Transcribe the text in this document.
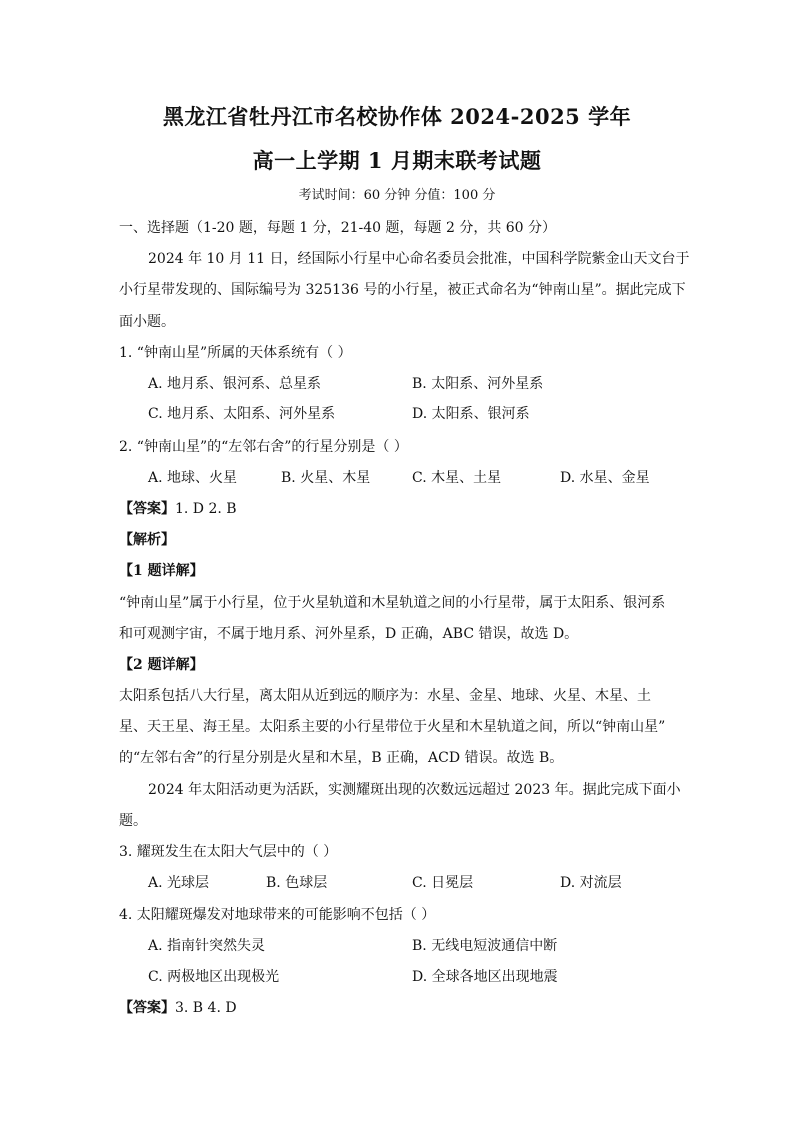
黑龙江省牡丹江市名校协作体 2024-2025 学年
高一上学期 1 月期末联考试题
考试时间：60 分钟 分值：100 分
一、选择题（1-20 题，每题 1 分，21-40 题，每题 2 分，共 60 分）
2024 年 10 月 11 日，经国际小行星中心命名委员会批准，中国科学院紫金山天文台于
小行星带发现的、国际编号为 325136 号的小行星，被正式命名为“钟南山星”。据此完成下
面小题。
1. “钟南山星”所属的天体系统有（ ）
A. 地月系、银河系、总星系	B. 太阳系、河外星系
C. 地月系、太阳系、河外星系	D. 太阳系、银河系
2. “钟南山星”的“左邻右舍”的行星分别是（ ）
A. 地球、火星	B. 火星、木星	C. 木星、土星	D. 水星、金星
【答案】1. D 2. B
【解析】
【1 题详解】
“钟南山星”属于小行星，位于火星轨道和木星轨道之间的小行星带，属于太阳系、银河系
和可观测宇宙，不属于地月系、河外星系，D 正确，ABC 错误，故选 D。
【2 题详解】
太阳系包括八大行星，离太阳从近到远的顺序为：水星、金星、地球、火星、木星、土
星、天王星、海王星。太阳系主要的小行星带位于火星和木星轨道之间，所以“钟南山星”
的“左邻右舍”的行星分别是火星和木星，B 正确，ACD 错误。故选 B。
2024 年太阳活动更为活跃，实测耀斑出现的次数远远超过 2023 年。据此完成下面小
题。
3. 耀斑发生在太阳大气层中的（ ）
A. 光球层	B. 色球层	C. 日冕层	D. 对流层
4. 太阳耀斑爆发对地球带来的可能影响不包括（ ）
A. 指南针突然失灵	B. 无线电短波通信中断
C. 两极地区出现极光	D. 全球各地区出现地震
【答案】3. B 4. D
